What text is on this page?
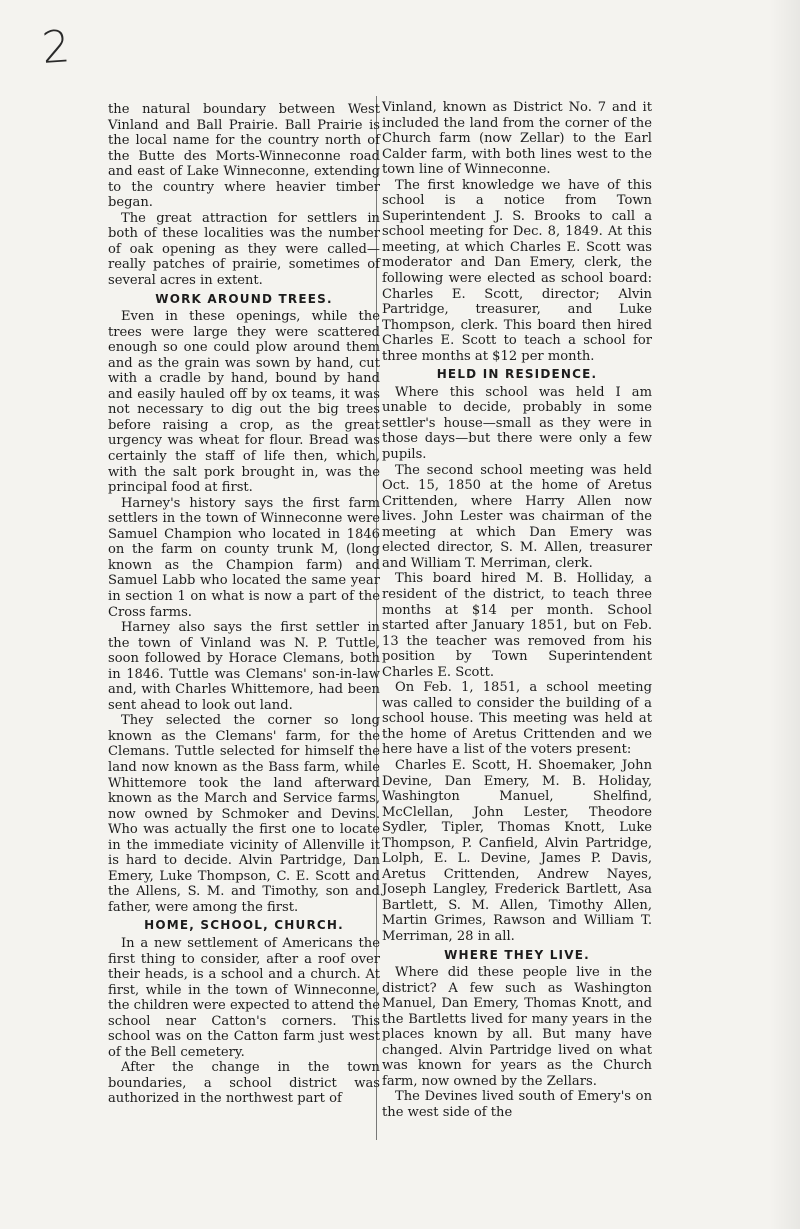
2

the natural boundary between West Vinland and Ball Prairie. Ball Prairie is the local name for the country north of the Butte des Morts-Winneconne road and east of Lake Winneconne, extending to the country where heavier timber began.

The great attraction for settlers in both of these localities was the number of oak opening as they were called—really patches of prairie, sometimes of several acres in extent.

WORK AROUND TREES.

Even in these openings, while the trees were large they were scattered enough so one could plow around them and as the grain was sown by hand, cut with a cradle by hand, bound by hand and easily hauled off by ox teams, it was not necessary to dig out the big trees before raising a crop, as the great urgency was wheat for flour. Bread was certainly the staff of life then, which, with the salt pork brought in, was the principal food at first.

Harney's history says the first farm settlers in the town of Winneconne were Samuel Champion who located in 1846 on the farm on county trunk M, (long known as the Champion farm) and Samuel Labb who located the same year in section 1 on what is now a part of the Cross farms.

Harney also says the first settler in the town of Vinland was N. P. Tuttle, soon followed by Horace Clemans, both in 1846. Tuttle was Clemans' son-in-law and, with Charles Whittemore, had been sent ahead to look out land.

They selected the corner so long known as the Clemans' farm, for the Clemans. Tuttle selected for himself the land now known as the Bass farm, while Whittemore took the land afterward known as the March and Service farms, now owned by Schmoker and Devins. Who was actually the first one to locate in the immediate vicinity of Allenville it is hard to decide. Alvin Partridge, Dan Emery, Luke Thompson, C. E. Scott and the Allens, S. M. and Timothy, son and father, were among the first.

HOME, SCHOOL, CHURCH.

In a new settlement of Americans the first thing to consider, after a roof over their heads, is a school and a church. At first, while in the town of Winneconne, the children were expected to attend the school near Catton's corners. This school was on the Catton farm just west of the Bell cemetery.

After the change in the town boundaries, a school district was authorized in the northwest part of

Vinland, known as District No. 7 and it included the land from the corner of the Church farm (now Zellar) to the Earl Calder farm, with both lines west to the town line of Winneconne.

The first knowledge we have of this school is a notice from Town Superintendent J. S. Brooks to call a school meeting for Dec. 8, 1849. At this meeting, at which Charles E. Scott was moderator and Dan Emery, clerk, the following were elected as school board: Charles E. Scott, director; Alvin Partridge, treasurer, and Luke Thompson, clerk. This board then hired Charles E. Scott to teach a school for three months at $12 per month.

HELD IN RESIDENCE.

Where this school was held I am unable to decide, probably in some settler's house—small as they were in those days—but there were only a few pupils.

The second school meeting was held Oct. 15, 1850 at the home of Aretus Crittenden, where Harry Allen now lives. John Lester was chairman of the meeting at which Dan Emery was elected director, S. M. Allen, treasurer and William T. Merriman, clerk.

This board hired M. B. Holliday, a resident of the district, to teach three months at $14 per month. School started after January 1851, but on Feb. 13 the teacher was removed from his position by Town Superintendent Charles E. Scott.

On Feb. 1, 1851, a school meeting was called to consider the building of a school house. This meeting was held at the home of Aretus Crittenden and we here have a list of the voters present:

Charles E. Scott, H. Shoemaker, John Devine, Dan Emery, M. B. Holiday, Washington Manuel, Shelfind, McClellan, John Lester, Theodore Sydler, Tipler, Thomas Knott, Luke Thompson, P. Canfield, Alvin Partridge, Lolph, E. L. Devine, James P. Davis, Aretus Crittenden, Andrew Nayes, Joseph Langley, Frederick Bartlett, Asa Bartlett, S. M. Allen, Timothy Allen, Martin Grimes, Rawson and William T. Merriman, 28 in all.

WHERE THEY LIVE.

Where did these people live in the district? A few such as Washington Manuel, Dan Emery, Thomas Knott, and the Bartletts lived for many years in the places known by all. But many have changed. Alvin Partridge lived on what was known for years as the Church farm, now owned by the Zellars.

The Devines lived south of Emery's on the west side of the
